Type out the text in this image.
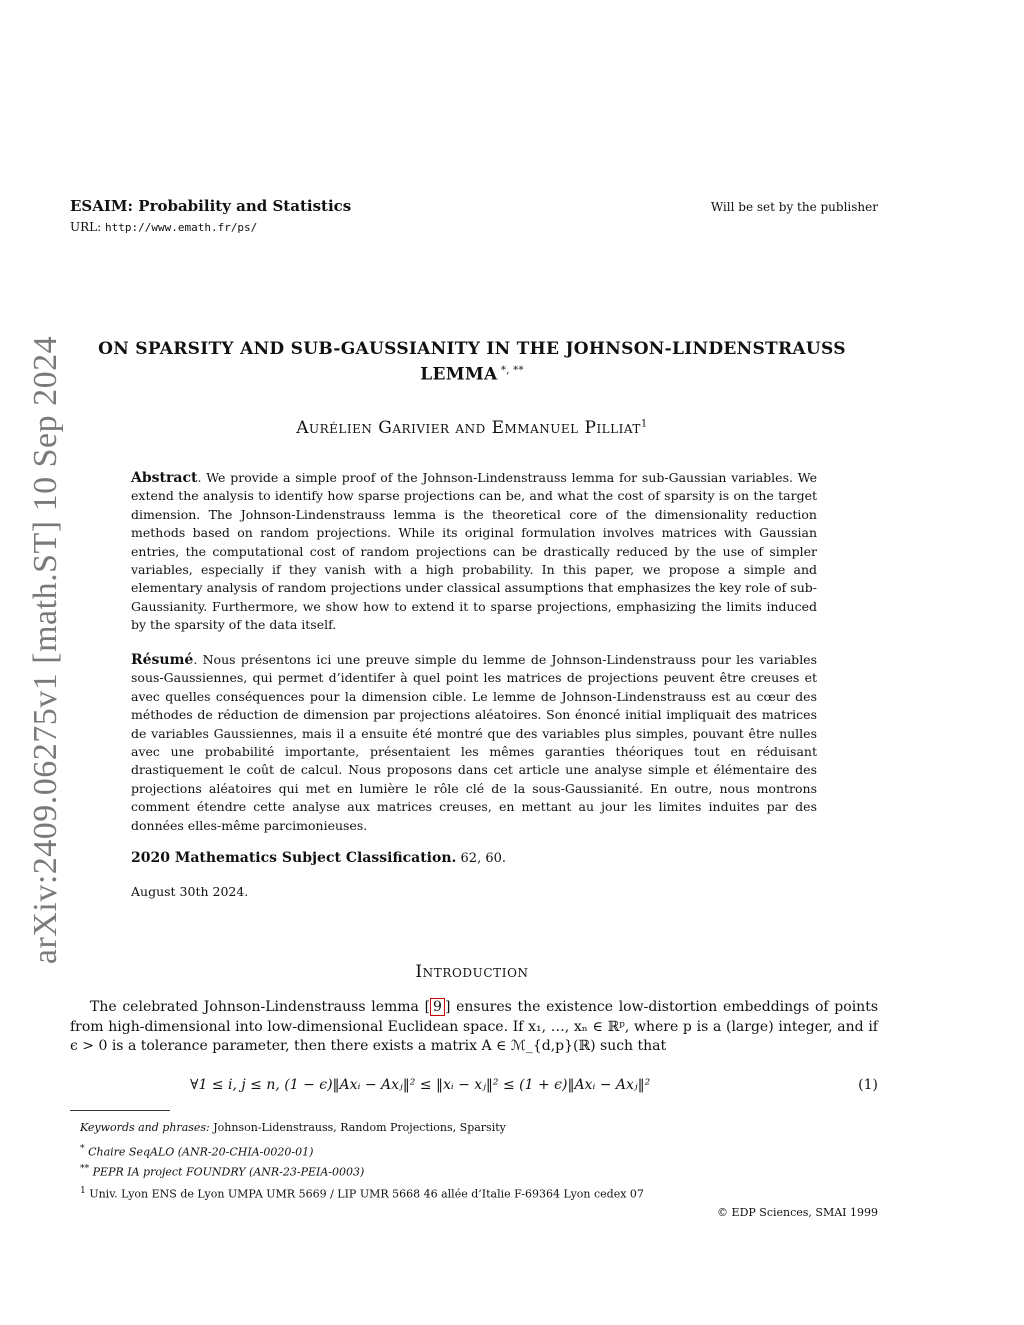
arXiv:2409.06275v1 [math.ST] 10 Sep 2024
ESAIM: Probability and Statistics
URL: http://www.emath.fr/ps/
Will be set by the publisher
ON SPARSITY AND SUB-GAUSSIANITY IN THE JOHNSON-LINDENSTRAUSS
LEMMA *, **
Aurélien Garivier and Emmanuel Pilliat$^1$
Abstract. We provide a simple proof of the Johnson-Lindenstrauss lemma for sub-Gaussian variables. We extend the analysis to identify how sparse projections can be, and what the cost of sparsity is on the target dimension. The Johnson-Lindenstrauss lemma is the theoretical core of the dimensionality reduction methods based on random projections. While its original formulation involves matrices with Gaussian entries, the computational cost of random projections can be drastically reduced by the use of simpler variables, especially if they vanish with a high probability. In this paper, we propose a simple and elementary analysis of random projections under classical assumptions that emphasizes the key role of sub-Gaussianity. Furthermore, we show how to extend it to sparse projections, emphasizing the limits induced by the sparsity of the data itself.
Résumé. Nous présentons ici une preuve simple du lemme de Johnson-Lindenstrauss pour les variables sous-Gaussiennes, qui permet d’identifer à quel point les matrices de projections peuvent être creuses et avec quelles conséquences pour la dimension cible. Le lemme de Johnson-Lindenstrauss est au cœur des méthodes de réduction de dimension par projections aléatoires. Son énoncé initial impliquait des matrices de variables Gaussiennes, mais il a ensuite été montré que des variables plus simples, pouvant être nulles avec une probabilité importante, présentaient les mêmes garanties théoriques tout en réduisant drastiquement le coût de calcul. Nous proposons dans cet article une analyse simple et élémentaire des projections aléatoires qui met en lumière le rôle clé de la sous-Gaussianité. En outre, nous montrons comment étendre cette analyse aux matrices creuses, en mettant au jour les limites induites par des données elles-même parcimonieuses.
2020 Mathematics Subject Classification. 62, 60.
August 30th 2024.
Introduction

The celebrated Johnson-Lindenstrauss lemma [ 9 ] ensures the existence low-distortion embeddings of points from high-dimensional into low-dimensional Euclidean space. If x₁, …, xₙ ∈ ℝᵖ, where p is a (large) integer, and if ϵ > 0 is a tolerance parameter, then there exists a matrix A ∈ ℳ_{d,p}(ℝ) such that

∀1 ≤ i, j ≤ n, (1 − ϵ)‖Axᵢ − Axⱼ‖² ≤ ‖xᵢ − xⱼ‖² ≤ (1 + ϵ)‖Axᵢ − Axⱼ‖²	(1)
Keywords and phrases: Johnson-Lidenstrauss, Random Projections, Sparsity
* Chaire SeqALO (ANR-20-CHIA-0020-01)
** PEPR IA project FOUNDRY (ANR-23-PEIA-0003)
$^1$ Univ. Lyon ENS de Lyon UMPA UMR 5669 / LIP UMR 5668 46 allée d’Italie F-69364 Lyon cedex 07
© EDP Sciences, SMAI 1999
